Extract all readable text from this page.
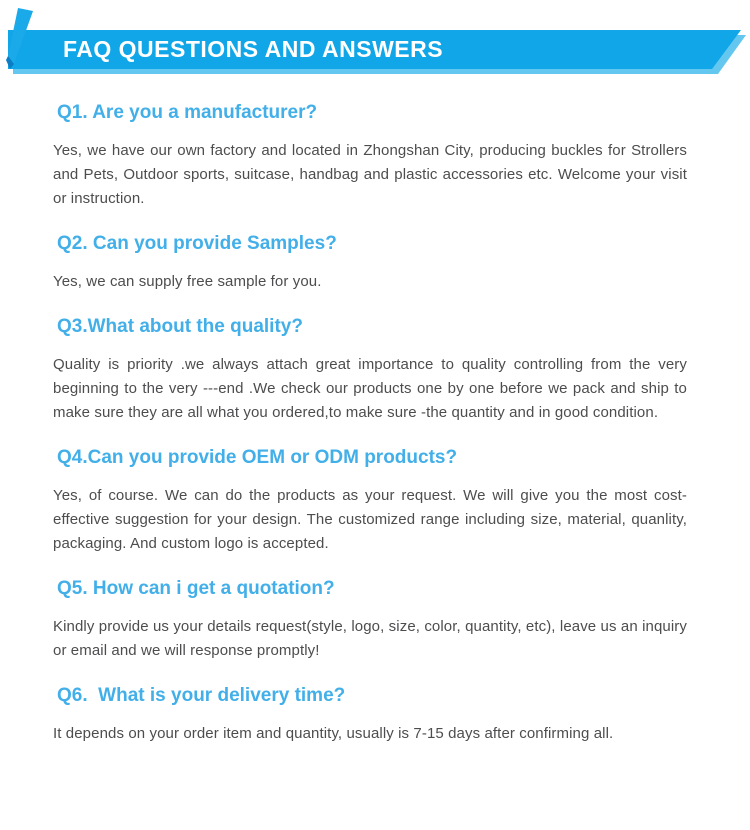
FAQ QUESTIONS AND ANSWERS
Q1. Are you a manufacturer?

Yes, we have our own factory and located in Zhongshan City, producing buckles for Strollers and Pets, Outdoor sports, suitcase, handbag and plastic accessories etc. Welcome your visit or instruction.

Q2. Can you provide Samples?

Yes, we can supply free sample for you.

Q3.What about the quality?

Quality is priority .we always attach great importance to quality controlling from the very beginning to the very ---end .We check our products one by one before we pack and ship to make sure they are all what you ordered,to make sure -the quantity and in good condition.

Q4.Can you provide OEM or ODM products?

Yes, of course. We can do the products as your request. We will give you the most cost-effective suggestion for your design. The customized range including size, material, quanlity, packaging. And custom logo is accepted.

Q5. How can i get a quotation?

Kindly provide us your details request(style, logo, size, color, quantity, etc), leave us an inquiry or email and we will response promptly!

Q6.  What is your delivery time?

It depends on your order item and quantity, usually is 7-15 days after confirming all.
